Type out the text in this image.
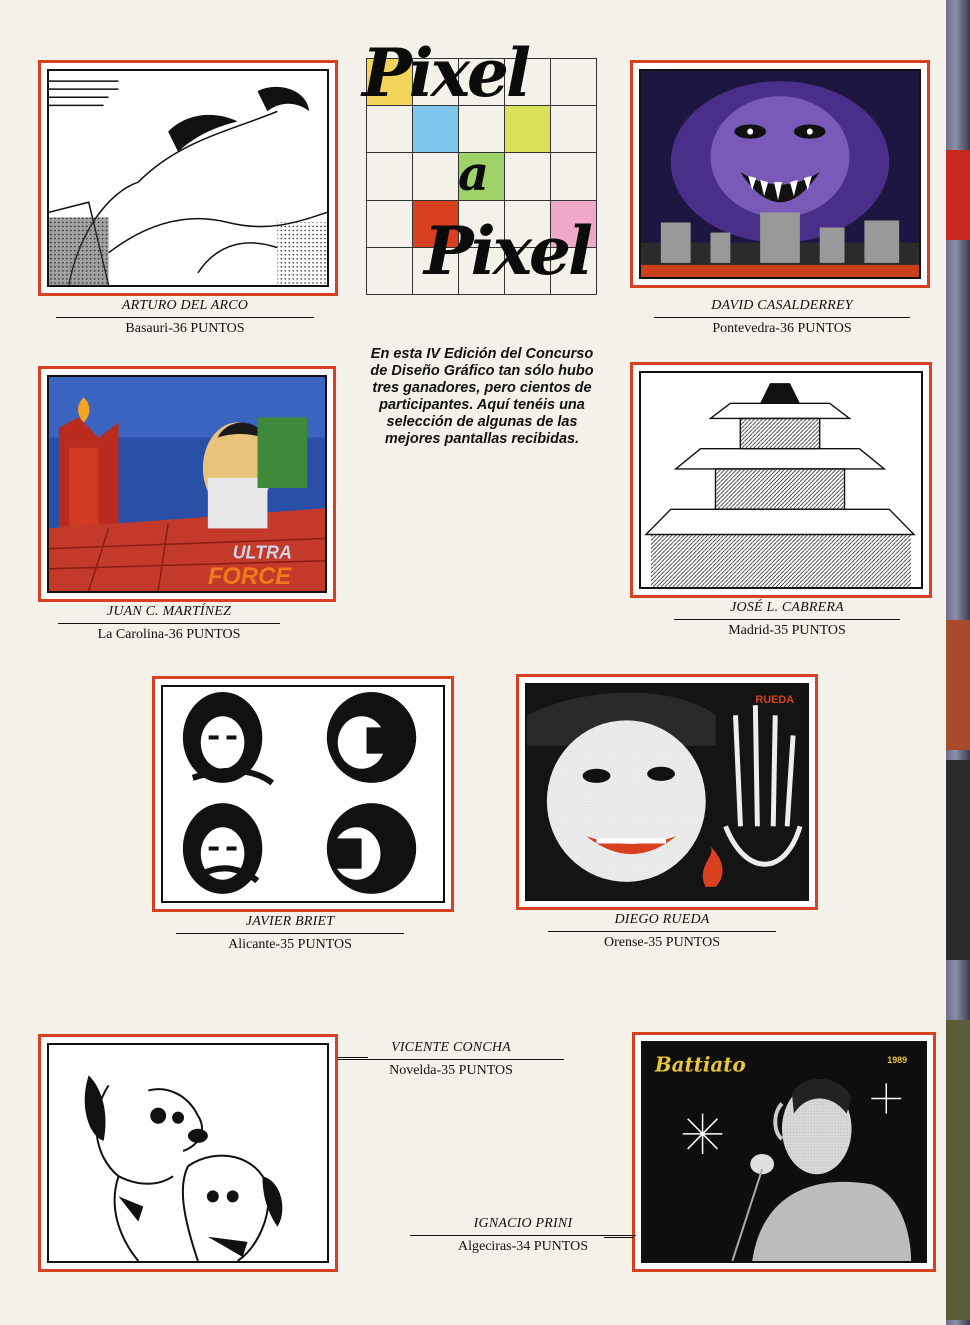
Pixel
a
Pixel
En esta IV Edición del Concurso de Diseño Gráfico tan sólo hubo tres ganadores, pero cientos de participantes. Aquí tenéis una selección de algunas de las mejores pantallas recibidas.
ARTURO DEL ARCO
Basauri-36 PUNTOS
DAVID CASALDERREY
Pontevedra-36 PUNTOS
ULTRA
FORCE
JUAN C. MARTÍNEZ
La Carolina-36 PUNTOS
JOSÉ L. CABRERA
Madrid-35 PUNTOS
JAVIER BRIET
Alicante-35 PUNTOS
RUEDA
DIEGO RUEDA
Orense-35 PUNTOS
VICENTE CONCHA
Novelda-35 PUNTOS	Battiato	1989
IGNACIO PRINI
Algeciras-34 PUNTOS
